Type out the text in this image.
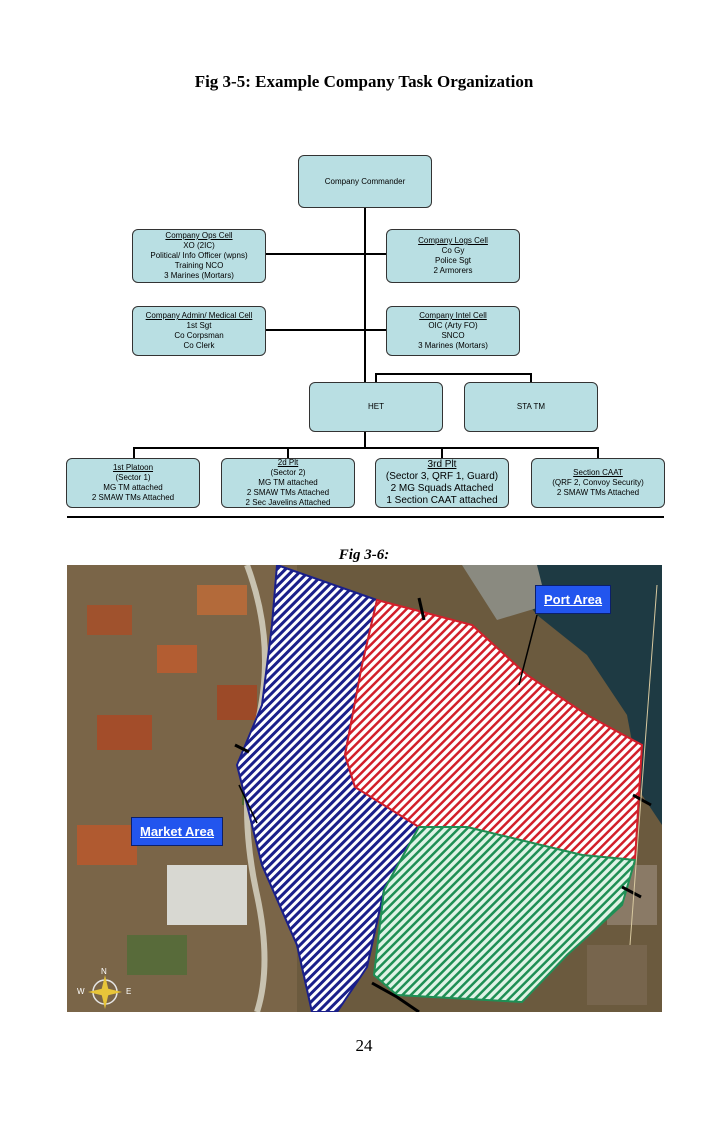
Fig 3-5: Example Company Task Organization
Company Commander
Company Ops Cell
XO (2IC)
Political/ Info Officer (wpns)
Training NCO
3 Marines (Mortars)
Company Logs Cell
Co Gy
Police Sgt
2 Armorers
Company Admin/ Medical Cell
1st Sgt
Co Corpsman
Co Clerk
Company Intel Cell
OIC (Arty FO)
SNCO
3 Marines (Mortars)
HET	STA TM
1st Platoon
(Sector 1)
MG TM attached
2 SMAW TMs Attached
2d Plt
(Sector 2)
MG TM attached
2 SMAW TMs Attached
2 Sec Javelins Attached
3rd Plt
(Sector 3, QRF 1, Guard)
2 MG Squads Attached
1 Section CAAT attached
Section CAAT
(QRF 2, Convoy Security)
2 SMAW TMs Attached
Fig 3-6:
N
W	E
Port Area
Market Area
24
